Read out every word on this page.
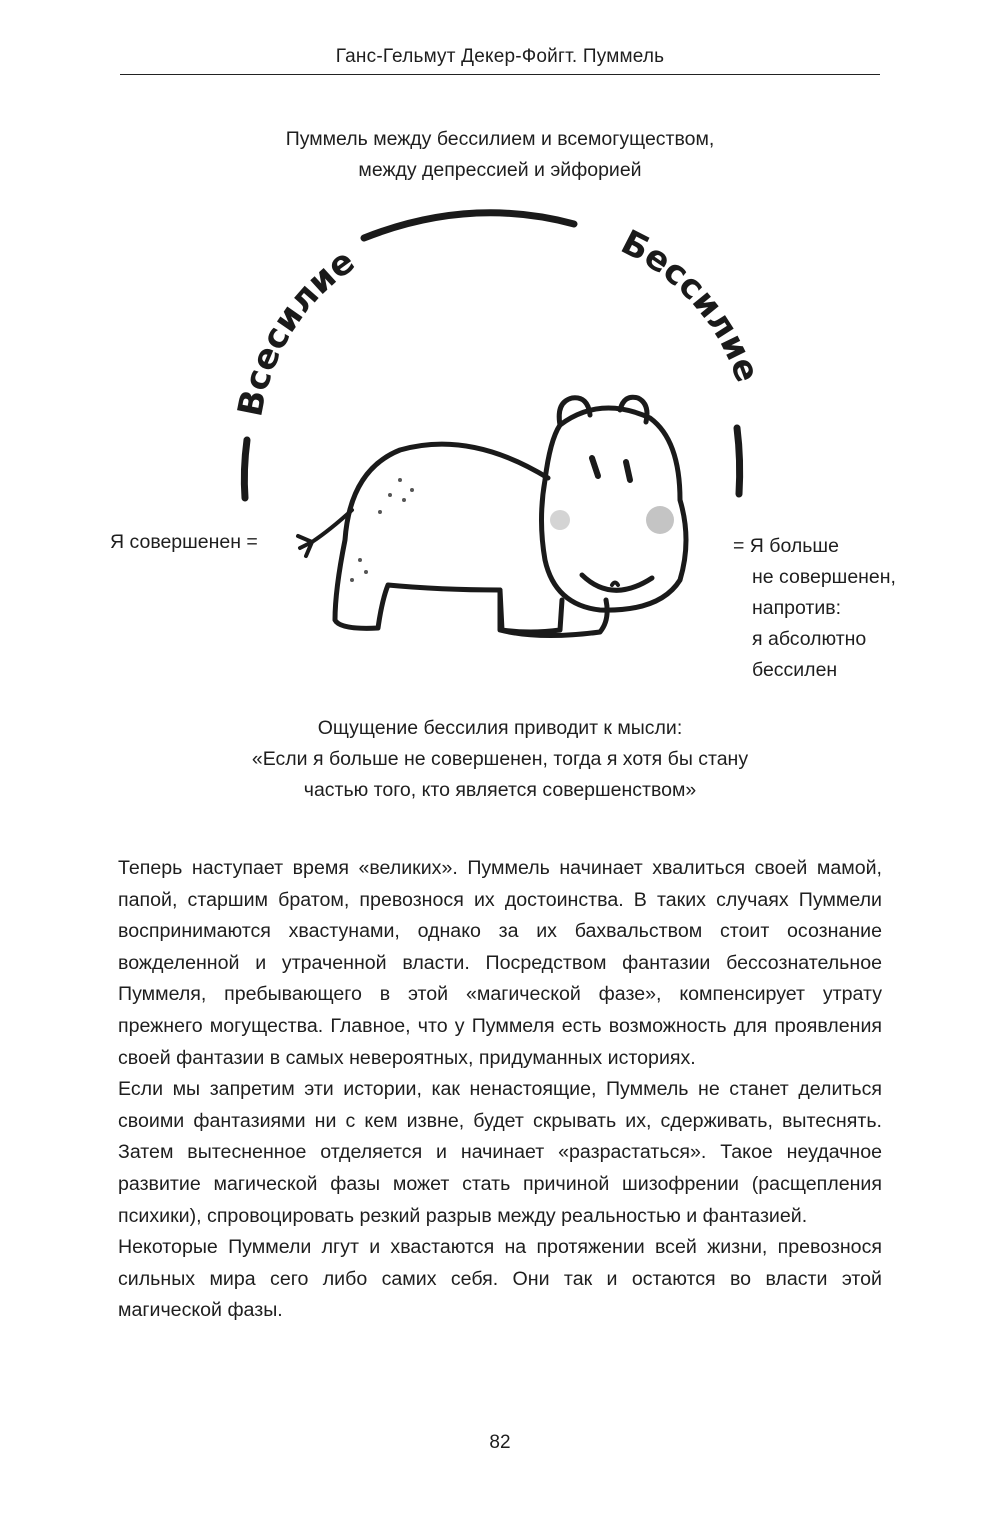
Ганс-Гельмут Декер-Фойгт. Пуммель
Пуммель между бессилием и всемогуществом,
между депрессией и эйфорией
Всесилие	Бессилие
Я совершенен =	= Я больше
не совершенен,
напротив:
я абсолютно
бессилен
Ощущение бессилия приводит к мысли:
«Если я больше не совершенен, тогда я хотя бы стану
частью того, кто является совершенством»

Теперь наступает время «великих». Пуммель начинает хвалиться своей мамой, папой, старшим братом, превознося их достоинства. В таких случаях Пуммели воспринимаются хвастунами, однако за их бахвальством стоит осознание вожделенной и утраченной власти. Посредством фантазии бессознательное Пуммеля, пребывающего в этой «магической фазе», компенсирует утрату прежнего могущества. Главное, что у Пуммеля есть возможность для проявления своей фантазии в самых невероятных, придуманных историях.

Если мы запретим эти истории, как ненастоящие, Пуммель не станет делиться своими фантазиями ни с кем извне, будет скрывать их, сдерживать, вытеснять. Затем вытесненное отделяется и начинает «разрастаться». Такое неудачное развитие магической фазы может стать причиной шизофрении (расщепления психики), спровоцировать резкий разрыв между реальностью и фантазией.

Некоторые Пуммели лгут и хвастаются на протяжении всей жизни, превознося сильных мира сего либо самих себя. Они так и остаются во власти этой магической фазы.

82
